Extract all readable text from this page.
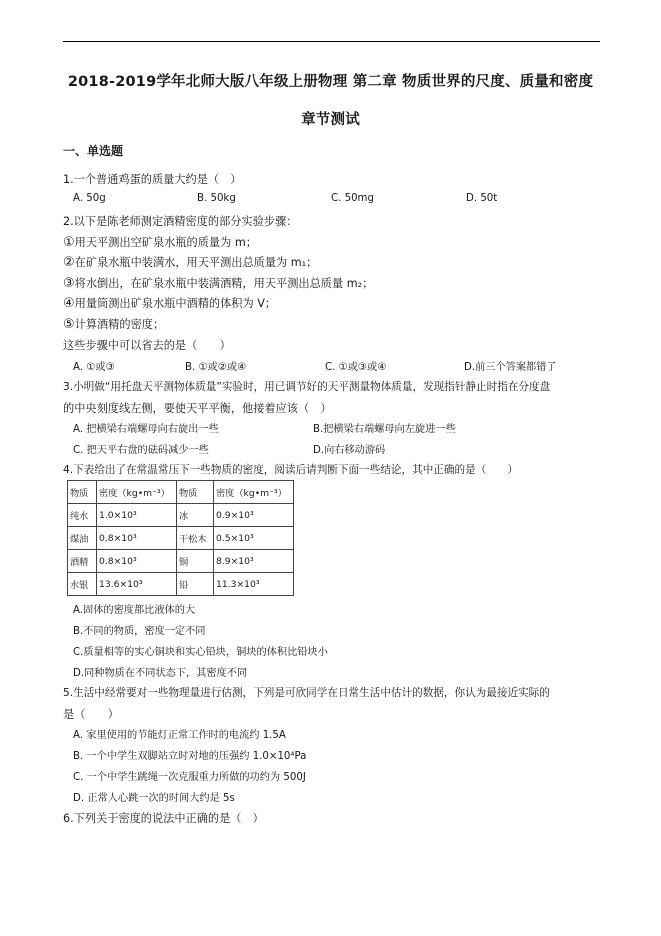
2018-2019学年北师大版八年级上册物理 第二章 物质世界的尺度、质量和密度
章节测试
一、单选题
1.一个普通鸡蛋的质量大约是（　）
A. 50g	B. 50kg	C. 50mg	D. 50t
2.以下是陈老师测定酒精密度的部分实验步骤：
①用天平测出空矿泉水瓶的质量为 m；
②在矿泉水瓶中装满水，用天平测出总质量为 m₁；
③将水倒出，在矿泉水瓶中装满酒精，用天平测出总质量 m₂；
④用量筒测出矿泉水瓶中酒精的体积为 V；
⑤计算酒精的密度；
这些步骤中可以省去的是（　　）
A. ①或③	B. ①或②或④	C. ①或③或④	D.前三个答案都错了
3.小明做“用托盘天平测物体质量”实验时，用已调节好的天平测量物体质量，发现指针静止时指在分度盘
的中央刻度线左侧，要使天平平衡，他接着应该（　）
A. 把横梁右端螺母向右旋出一些	B.把横梁右端螺母向左旋进一些
C. 把天平右盘的砝码减少一些	D.向右移动游码
4.下表给出了在常温常压下一些物质的密度，阅读后请判断下面一些结论，其中正确的是（　　）
物质	密度（kg•m⁻³）	物质	密度（kg•m⁻³）
纯水	1.0×10³	冰	0.9×10³
煤油	0.8×10³	干松木	0.5×10³
酒精	0.8×10³	铜	8.9×10³
水银	13.6×10³	铅	11.3×10³
A.固体的密度都比液体的大
B.不同的物质，密度一定不同
C.质量相等的实心铜块和实心铅块，铜块的体积比铅块小
D.同种物质在不同状态下，其密度不同
5.生活中经常要对一些物理量进行估测，下列是可欣同学在日常生活中估计的数据，你认为最接近实际的
是（　　）
A. 家里使用的节能灯正常工作时的电流约 1.5A
B. 一个中学生双脚站立时对地的压强约 1.0×10⁴Pa
C. 一个中学生跳绳一次克服重力所做的功约为 500J
D. 正常人心跳一次的时间大约是 5s
6.下列关于密度的说法中正确的是（　）
